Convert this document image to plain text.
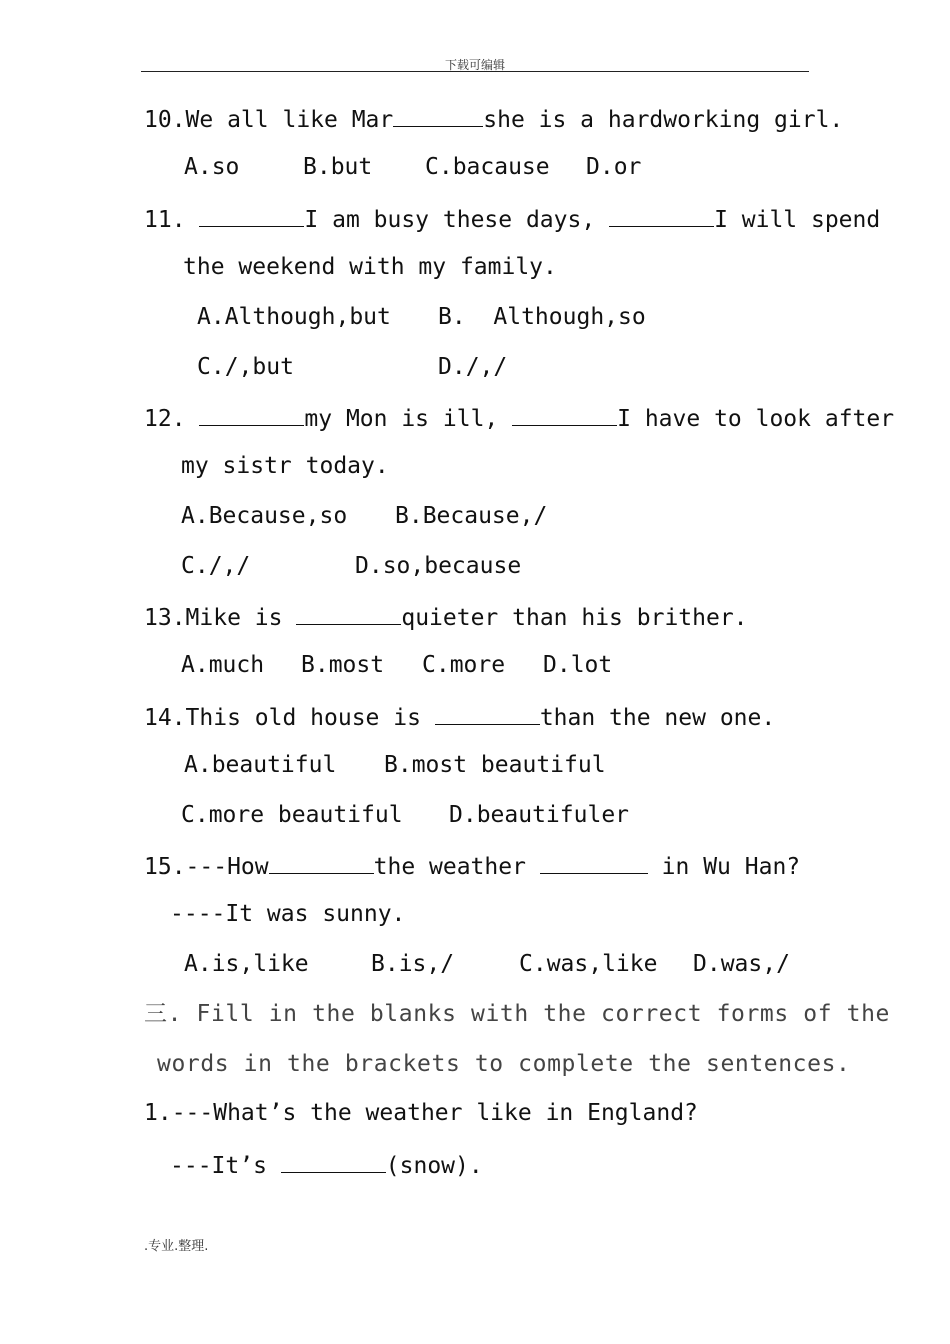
下载可编辑
10.We all like Mar	she is a hardworking girl.
A.so	B.but C.bacause D.or
11.	I am busy these days,	I will spend
the weekend with my family.
A.Although,but B.  Although,so
C./,but	D./,/
12.	my Mon is ill,	I have to look after
my sistr today.
A.Because,so B.Because,/
C./,/	D.so,because
13.Mike is	quieter than his brither.
A.much B.most C.more D.lot
14.This old house is	than the new one.
A.beautiful B.most beautiful
C.more beautiful D.beautifuler
15.---How	the weather	in Wu Han?
----It was sunny.
A.is,like	B.is,/	C.was,like D.was,/
三. Fill in the blanks with the correct forms of the
words in the brackets to complete the sentences.
1.---What’s the weather like in England?
---It’s	(snow).
.专业.整理.
